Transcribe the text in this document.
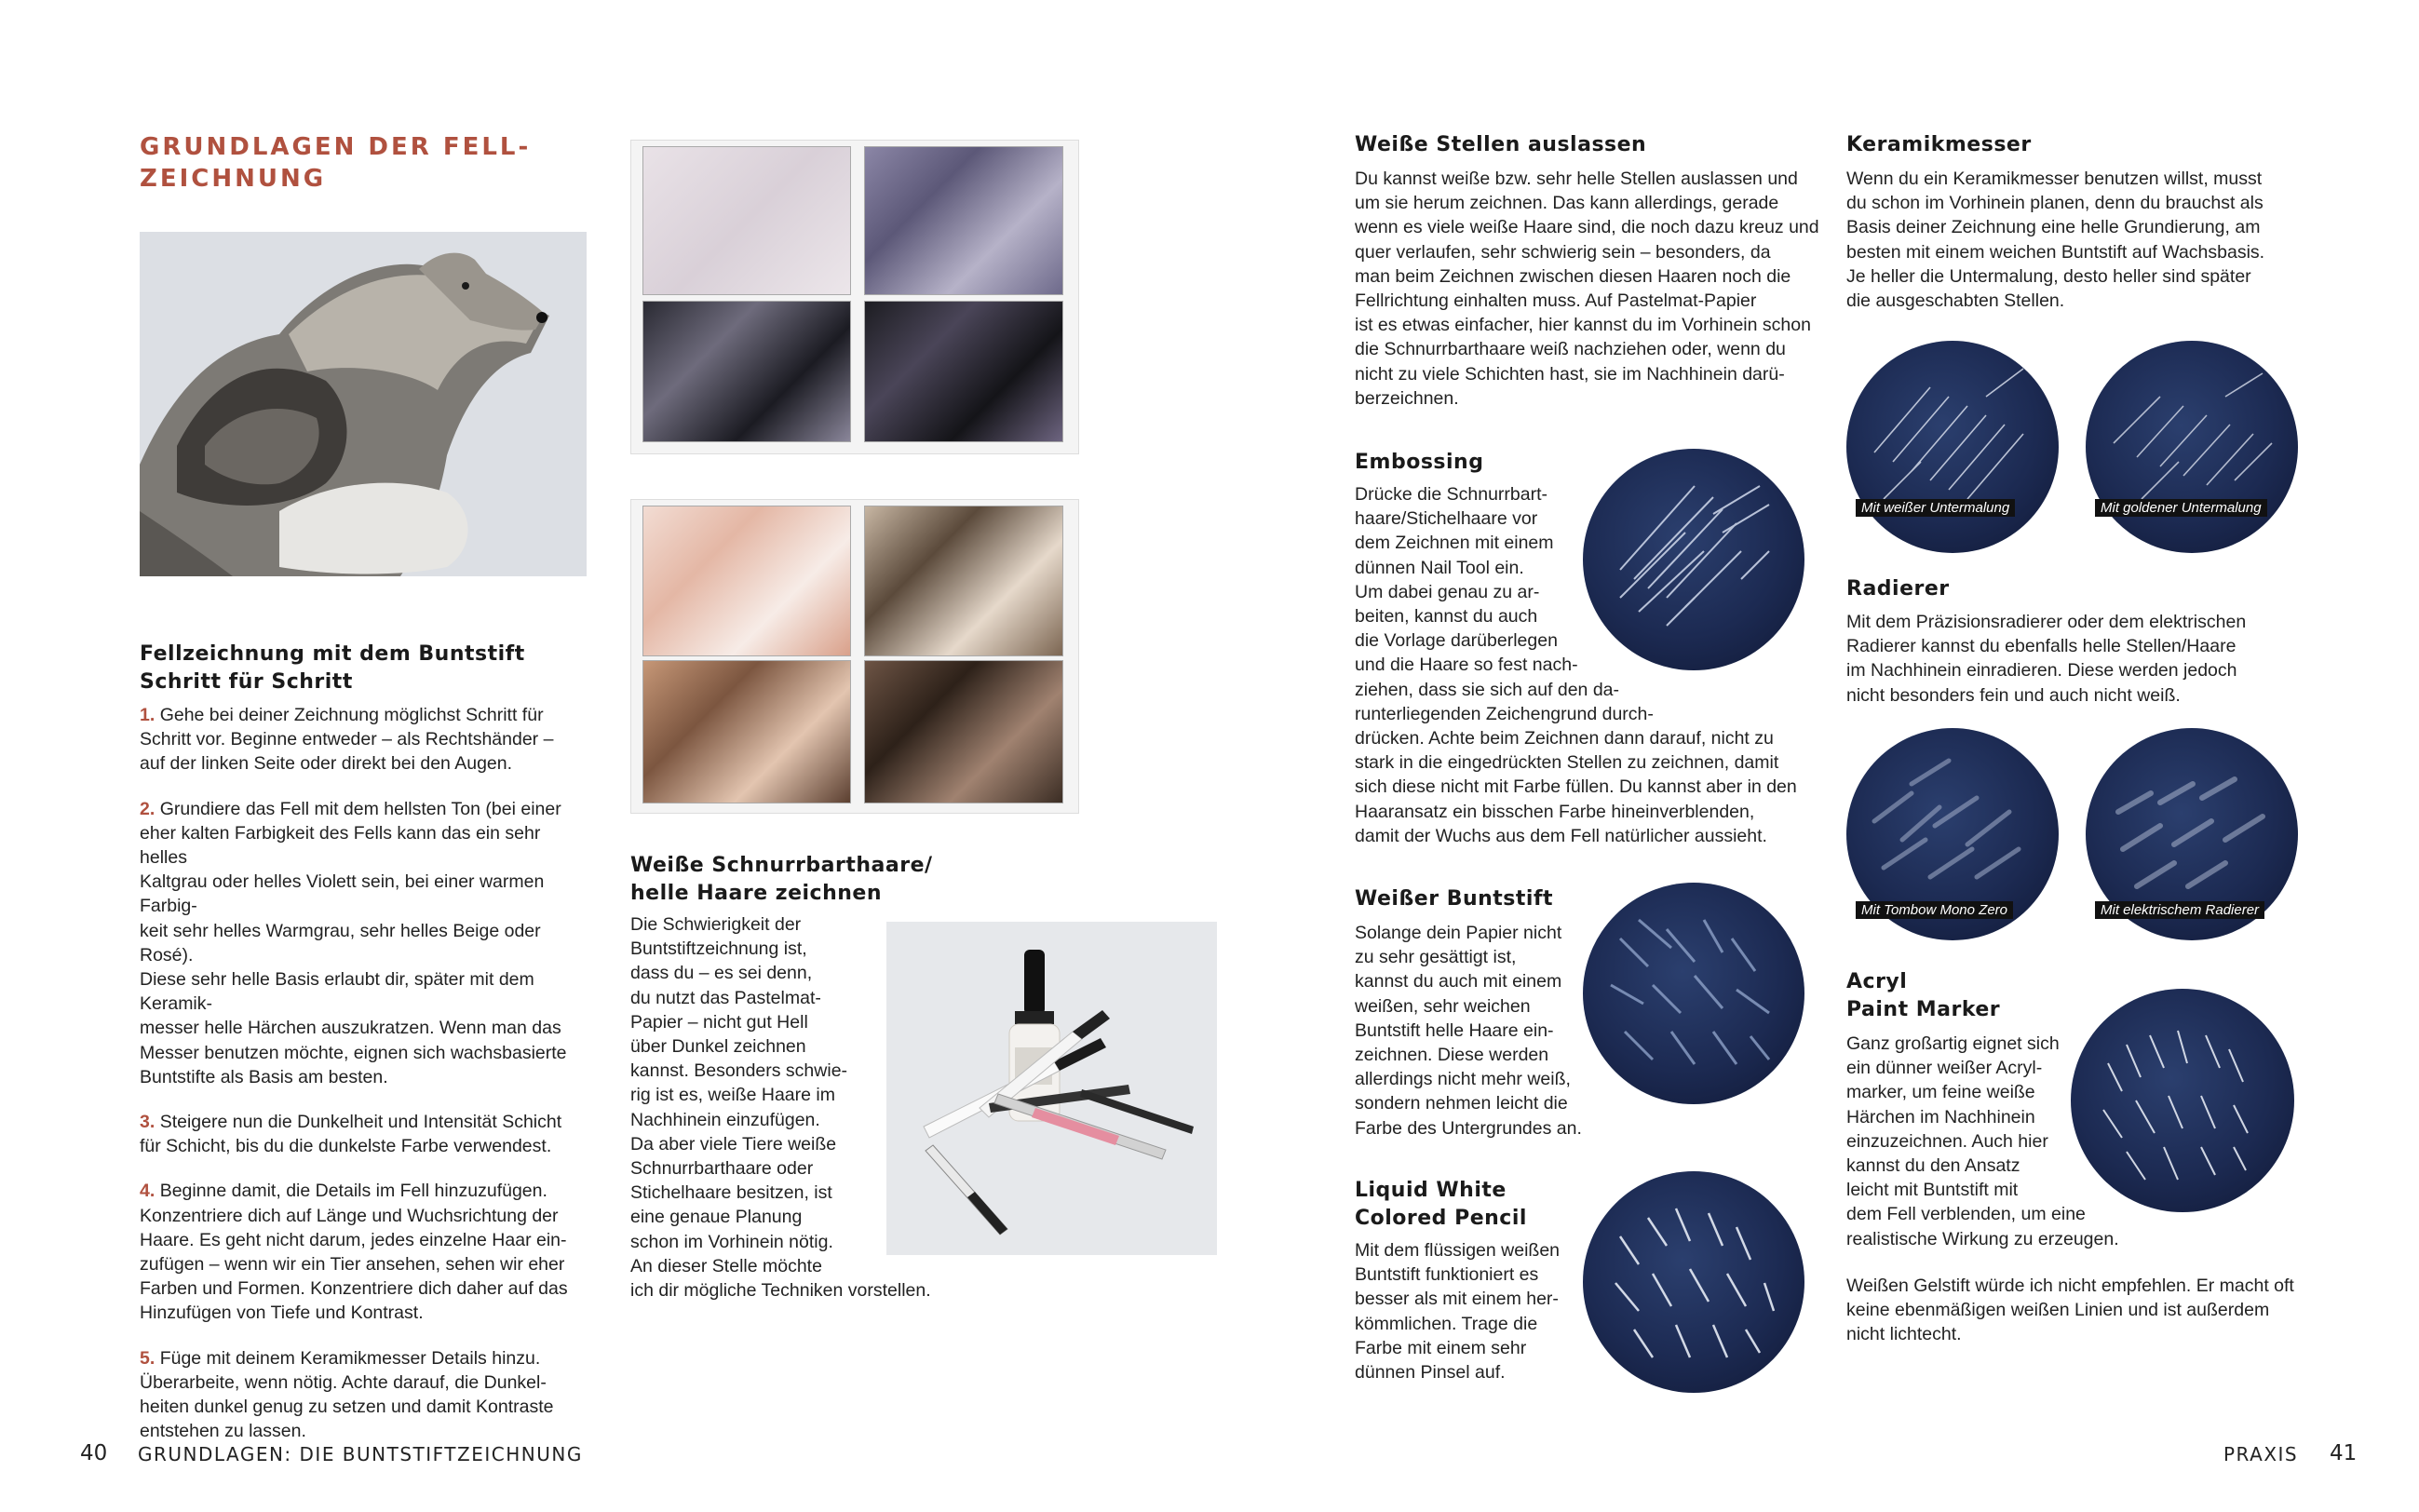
GRUNDLAGEN DER FELL-
ZEICHNUNG
Fellzeichnung mit dem Buntstift
Schritt für Schritt
1. Gehe bei deiner Zeichnung möglichst Schritt für
Schritt vor. Beginne entweder – als Rechtshänder –
auf der linken Seite oder direkt bei den Augen.
2. Grundiere das Fell mit dem hellsten Ton (bei einer
eher kalten Farbigkeit des Fells kann das ein sehr helles
Kaltgrau oder helles Violett sein, bei einer warmen Farbig-
keit sehr helles Warmgrau, sehr helles Beige oder Rosé).
Diese sehr helle Basis erlaubt dir, später mit dem Keramik-
messer helle Härchen auszukratzen. Wenn man das
Messer benutzen möchte, eignen sich wachsbasierte
Buntstifte als Basis am besten.
3. Steigere nun die Dunkelheit und Intensität Schicht
für Schicht, bis du die dunkelste Farbe verwendest.
4. Beginne damit, die Details im Fell hinzuzufügen.
Konzentriere dich auf Länge und Wuchsrichtung der
Haare. Es geht nicht darum, jedes einzelne Haar ein-
zufügen – wenn wir ein Tier ansehen, sehen wir eher
Farben und Formen. Konzentriere dich daher auf das
Hinzufügen von Tiefe und Kontrast.
5. Füge mit deinem Keramikmesser Details hinzu.
Überarbeite, wenn nötig. Achte darauf, die Dunkel-
heiten dunkel genug zu setzen und damit Kontraste
entstehen zu lassen.
Weiße Schnurrbarthaare/
helle Haare zeichnen
Die Schwierigkeit der
Buntstiftzeichnung ist,
dass du – es sei denn,
du nutzt das Pastelmat-
Papier – nicht gut Hell
über Dunkel zeichnen
kannst. Besonders schwie-
rig ist es, weiße Haare im
Nachhinein einzufügen.
Da aber viele Tiere weiße
Schnurrbarthaare oder
Stichelhaare besitzen, ist
eine genaue Planung
schon im Vorhinein nötig.
An dieser Stelle möchte
ich dir mögliche Techniken vorstellen.
40 GRUNDLAGEN: DIE BUNTSTIFTZEICHNUNG
Weiße Stellen auslassen
Du kannst weiße bzw. sehr helle Stellen auslassen und
um sie herum zeichnen. Das kann allerdings, gerade
wenn es viele weiße Haare sind, die noch dazu kreuz und
quer verlaufen, sehr schwierig sein – besonders, da
man beim Zeichnen zwischen diesen Haaren noch die
Fellrichtung einhalten muss. Auf Pastelmat-Papier
ist es etwas einfacher, hier kannst du im Vorhinein schon
die Schnurrbarthaare weiß nachziehen oder, wenn du
nicht zu viele Schichten hast, sie im Nachhinein darü-
berzeichnen.
Embossing
Drücke die Schnurrbart-
haare/Stichelhaare vor
dem Zeichnen mit einem
dünnen Nail Tool ein.
Um dabei genau zu ar-
beiten, kannst du auch
die Vorlage darüberlegen
und die Haare so fest nach-
ziehen, dass sie sich auf den da-
runterliegenden Zeichengrund durch-
drücken. Achte beim Zeichnen dann darauf, nicht zu
stark in die eingedrückten Stellen zu zeichnen, damit
sich diese nicht mit Farbe füllen. Du kannst aber in den
Haaransatz ein bisschen Farbe hineinverblenden,
damit der Wuchs aus dem Fell natürlicher aussieht.
Weißer Buntstift
Solange dein Papier nicht
zu sehr gesättigt ist,
kannst du auch mit einem
weißen, sehr weichen
Buntstift helle Haare ein-
zeichnen. Diese werden
allerdings nicht mehr weiß,
sondern nehmen leicht die
Farbe des Untergrundes an.
Liquid White
Colored Pencil
Mit dem flüssigen weißen
Buntstift funktioniert es
besser als mit einem her-
kömmlichen. Trage die
Farbe mit einem sehr
dünnen Pinsel auf.
Keramikmesser
Wenn du ein Keramikmesser benutzen willst, musst
du schon im Vorhinein planen, denn du brauchst als
Basis deiner Zeichnung eine helle Grundierung, am
besten mit einem weichen Buntstift auf Wachsbasis.
Je heller die Untermalung, desto heller sind später
die ausgeschabten Stellen.
Mit weißer Untermalung	Mit goldener Untermalung
Radierer
Mit dem Präzisionsradierer oder dem elektrischen
Radierer kannst du ebenfalls helle Stellen/Haare
im Nachhinein einradieren. Diese werden jedoch
nicht besonders fein und auch nicht weiß.
Mit Tombow Mono Zero	Mit elektrischem Radierer
Acryl
Paint Marker
Ganz großartig eignet sich
ein dünner weißer Acryl-
marker, um feine weiße
Härchen im Nachhinein
einzuzeichnen. Auch hier
kannst du den Ansatz
leicht mit Buntstift mit
dem Fell verblenden, um eine
realistische Wirkung zu erzeugen.
Weißen Gelstift würde ich nicht empfehlen. Er macht oft
keine ebenmäßigen weißen Linien und ist außerdem
nicht lichtecht.
PRAXIS 41
